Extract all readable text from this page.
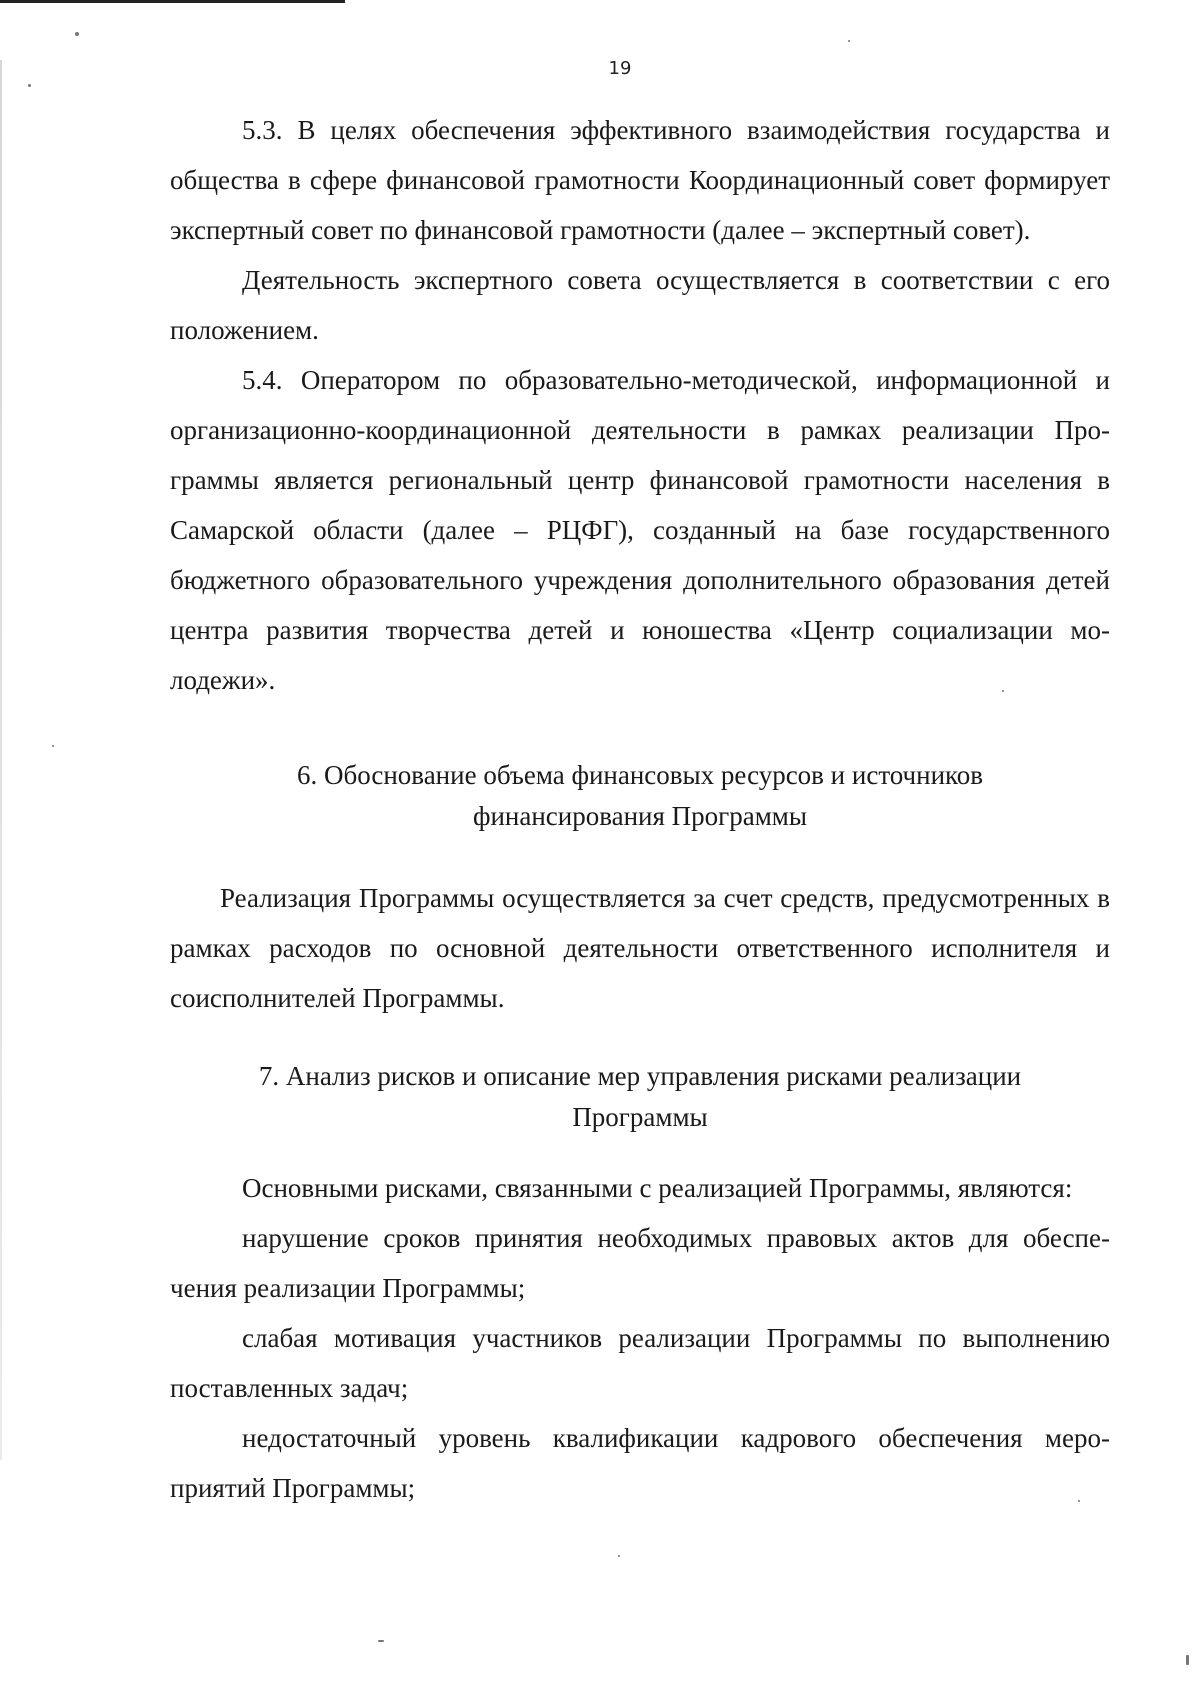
19

5.3. В целях обеспечения эффективного взаимодействия государства и общества в сфере финансовой грамотности Координационный совет формирует экспертный совет по финансовой грамотности (далее – экспертный совет).

Деятельность экспертного совета осуществляется в соответствии с его положением.

5.4. Оператором по образовательно-методической, информационной и организационно-координационной деятельности в рамках реализации Программы является региональный центр финансовой грамотности населения в Самарской области (далее – РЦФГ), созданный на базе государственного бюджетного образовательного учреждения дополнительного образования детей центра развития творчества детей и юношества «Центр социализации молодежи».

6. Обоснование объема финансовых ресурсов и источников
финансирования Программы

Реализация Программы осуществляется за счет средств, предусмотренных в рамках расходов по основной деятельности ответственного исполнителя и соисполнителей Программы.

7. Анализ рисков и описание мер управления рисками реализации
Программы

Основными рисками, связанными с реализацией Программы, являются:

нарушение сроков принятия необходимых правовых актов для обеспечения реализации Программы;

слабая мотивация участников реализации Программы по выполнению поставленных задач;

недостаточный уровень квалификации кадрового обеспечения мероприятий Программы;
